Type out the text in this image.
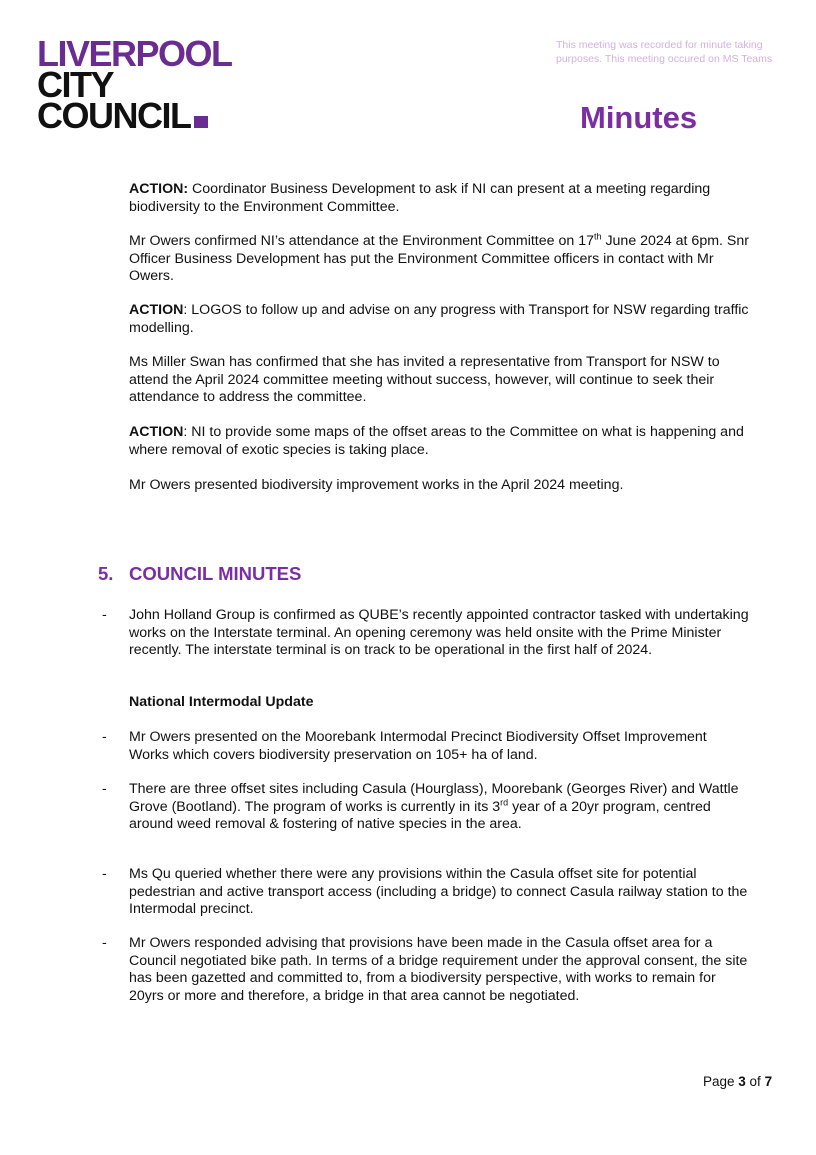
LIVERPOOL
CITY
COUNCIL
This meeting was recorded for minute taking purposes. This meeting occured on MS Teams
Minutes

ACTION: Coordinator Business Development to ask if NI can present at a meeting regarding biodiversity to the Environment Committee.

Mr Owers confirmed NI’s attendance at the Environment Committee on 17th June 2024 at 6pm. Snr Officer Business Development has put the Environment Committee officers in contact with Mr Owers.

ACTION: LOGOS to follow up and advise on any progress with Transport for NSW regarding traffic modelling.

Ms Miller Swan has confirmed that she has invited a representative from Transport for NSW to attend the April 2024 committee meeting without success, however, will continue to seek their attendance to address the committee.

ACTION: NI to provide some maps of the offset areas to the Committee on what is happening and where removal of exotic species is taking place.

Mr Owers presented biodiversity improvement works in the April 2024 meeting.

5. COUNCIL MINUTES
- John Holland Group is confirmed as QUBE’s recently appointed contractor tasked with undertaking works on the Interstate terminal. An opening ceremony was held onsite with the Prime Minister recently. The interstate terminal is on track to be operational in the first half of 2024.

National Intermodal Update

- Mr Owers presented on the Moorebank Intermodal Precinct Biodiversity Offset Improvement Works which covers biodiversity preservation on 105+ ha of land.

- There are three offset sites including Casula (Hourglass), Moorebank (Georges River) and Wattle Grove (Bootland). The program of works is currently in its 3rd year of a 20yr program, centred around weed removal & fostering of native species in the area.

- Ms Qu queried whether there were any provisions within the Casula offset site for potential pedestrian and active transport access (including a bridge) to connect Casula railway station to the Intermodal precinct.

- Mr Owers responded advising that provisions have been made in the Casula offset area for a Council negotiated bike path. In terms of a bridge requirement under the approval consent, the site has been gazetted and committed to, from a biodiversity perspective, with works to remain for 20yrs or more and therefore, a bridge in that area cannot be negotiated.

Page 3 of 7
